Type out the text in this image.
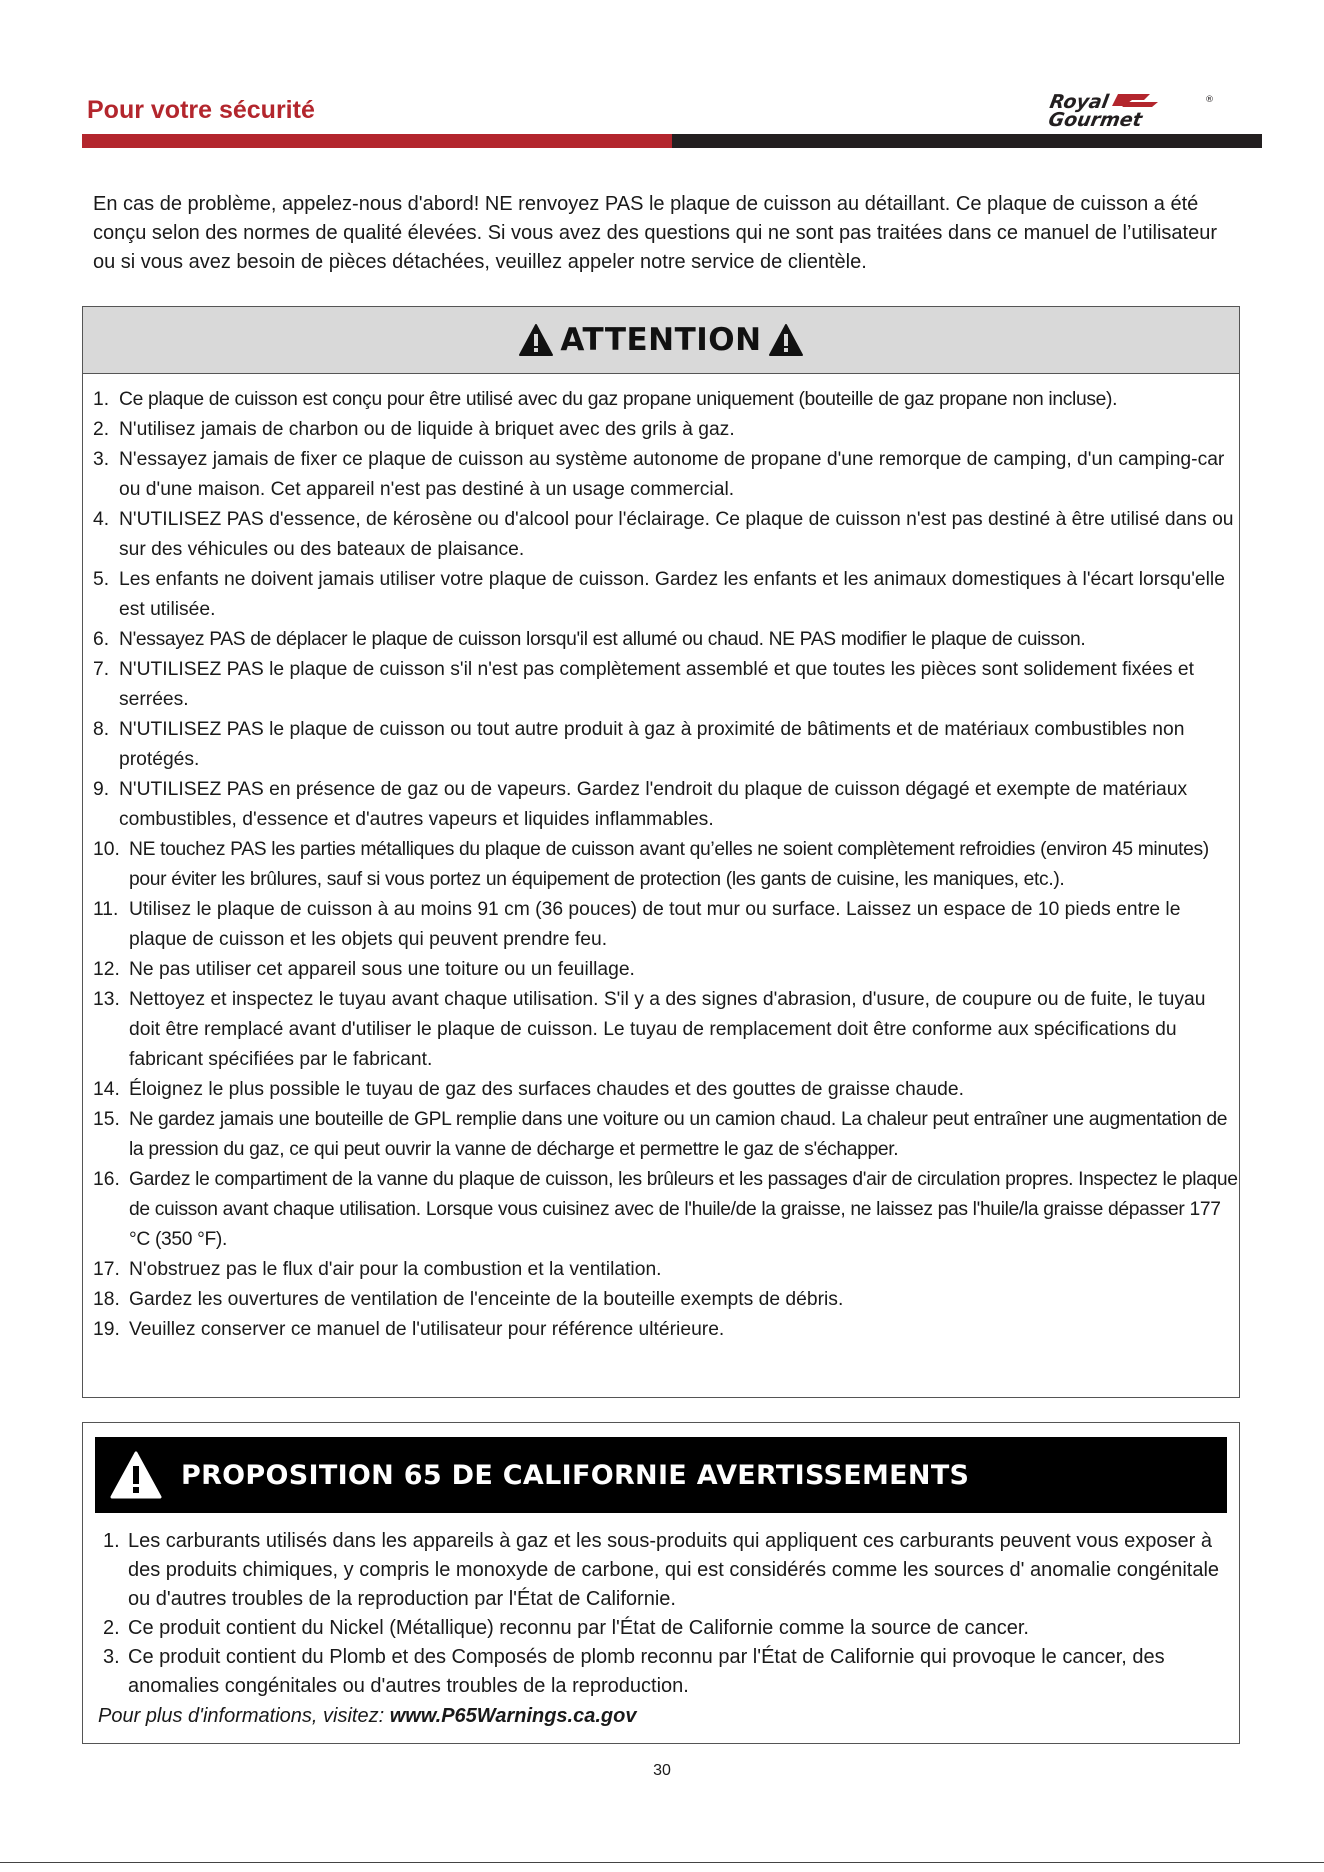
Pour votre sécurité	Royal
Gourmet
®

En cas de problème, appelez-nous d'abord! NE renvoyez PAS le plaque de cuisson au détaillant. Ce plaque de cuisson a été conçu selon des normes de qualité élevées. Si vous avez des questions qui ne sont pas traitées dans ce manuel de l’utilisateur ou si vous avez besoin de pièces détachées, veuillez appeler notre service de clientèle.

ATTENTION
1. Ce plaque de cuisson est conçu pour être utilisé avec du gaz propane uniquement (bouteille de gaz propane non incluse).
2. N'utilisez jamais de charbon ou de liquide à briquet avec des grils à gaz.
3. N'essayez jamais de fixer ce plaque de cuisson au système autonome de propane d'une remorque de camping, d'un camping-car ou d'une maison. Cet appareil n'est pas destiné à un usage commercial.
4. N'UTILISEZ PAS d'essence, de kérosène ou d'alcool pour l'éclairage. Ce plaque de cuisson n'est pas destiné à être utilisé dans ou sur des véhicules ou des bateaux de plaisance.
5. Les enfants ne doivent jamais utiliser votre plaque de cuisson. Gardez les enfants et les animaux domestiques à l'écart lorsqu'elle est utilisée.
6. N'essayez PAS de déplacer le plaque de cuisson lorsqu'il est allumé ou chaud. NE PAS modifier le plaque de cuisson.
7. N'UTILISEZ PAS le plaque de cuisson s'il n'est pas complètement assemblé et que toutes les pièces sont solidement fixées et serrées.
8. N'UTILISEZ PAS le plaque de cuisson ou tout autre produit à gaz à proximité de bâtiments et de matériaux combustibles non protégés.
9. N'UTILISEZ PAS en présence de gaz ou de vapeurs. Gardez l'endroit du plaque de cuisson dégagé et exempte de matériaux combustibles, d'essence et d'autres vapeurs et liquides inflammables.
10. NE touchez PAS les parties métalliques du plaque de cuisson avant qu’elles ne soient complètement refroidies (environ 45 minutes) pour éviter les brûlures, sauf si vous portez un équipement de protection (les gants de cuisine, les maniques, etc.).
11. Utilisez le plaque de cuisson à au moins 91 cm (36 pouces) de tout mur ou surface. Laissez un espace de 10 pieds entre le plaque de cuisson et les objets qui peuvent prendre feu.
12. Ne pas utiliser cet appareil sous une toiture ou un feuillage.
13. Nettoyez et inspectez le tuyau avant chaque utilisation. S'il y a des signes d'abrasion, d'usure, de coupure ou de fuite, le tuyau doit être remplacé avant d'utiliser le plaque de cuisson. Le tuyau de remplacement doit être conforme aux spécifications du fabricant spécifiées par le fabricant.
14. Éloignez le plus possible le tuyau de gaz des surfaces chaudes et des gouttes de graisse chaude.
15. Ne gardez jamais une bouteille de GPL remplie dans une voiture ou un camion chaud. La chaleur peut entraîner une augmentation de la pression du gaz, ce qui peut ouvrir la vanne de décharge et permettre le gaz de s'échapper.
16. Gardez le compartiment de la vanne du plaque de cuisson, les brûleurs et les passages d'air de circulation propres. Inspectez le plaque de cuisson avant chaque utilisation. Lorsque vous cuisinez avec de l'huile/de la graisse, ne laissez pas l'huile/la graisse dépasser 177 °C (350 °F).
17. N'obstruez pas le flux d'air pour la combustion et la ventilation.
18. Gardez les ouvertures de ventilation de l'enceinte de la bouteille exempts de débris.
19. Veuillez conserver ce manuel de l'utilisateur pour référence ultérieure.
PROPOSITION 65 DE CALIFORNIE AVERTISSEMENTS
1. Les carburants utilisés dans les appareils à gaz et les sous-produits qui appliquent ces carburants peuvent vous exposer à des produits chimiques, y compris le monoxyde de carbone, qui est considérés comme les sources d' anomalie congénitale ou d'autres troubles de la reproduction par l'État de Californie.
2. Ce produit contient du Nickel (Métallique) reconnu par l'État de Californie comme la source de cancer.
3. Ce produit contient du Plomb et des Composés de plomb reconnu par l'État de Californie qui provoque le cancer, des anomalies congénitales ou d'autres troubles de la reproduction.
Pour plus d'informations, visitez: www.P65Warnings.ca.gov
30
